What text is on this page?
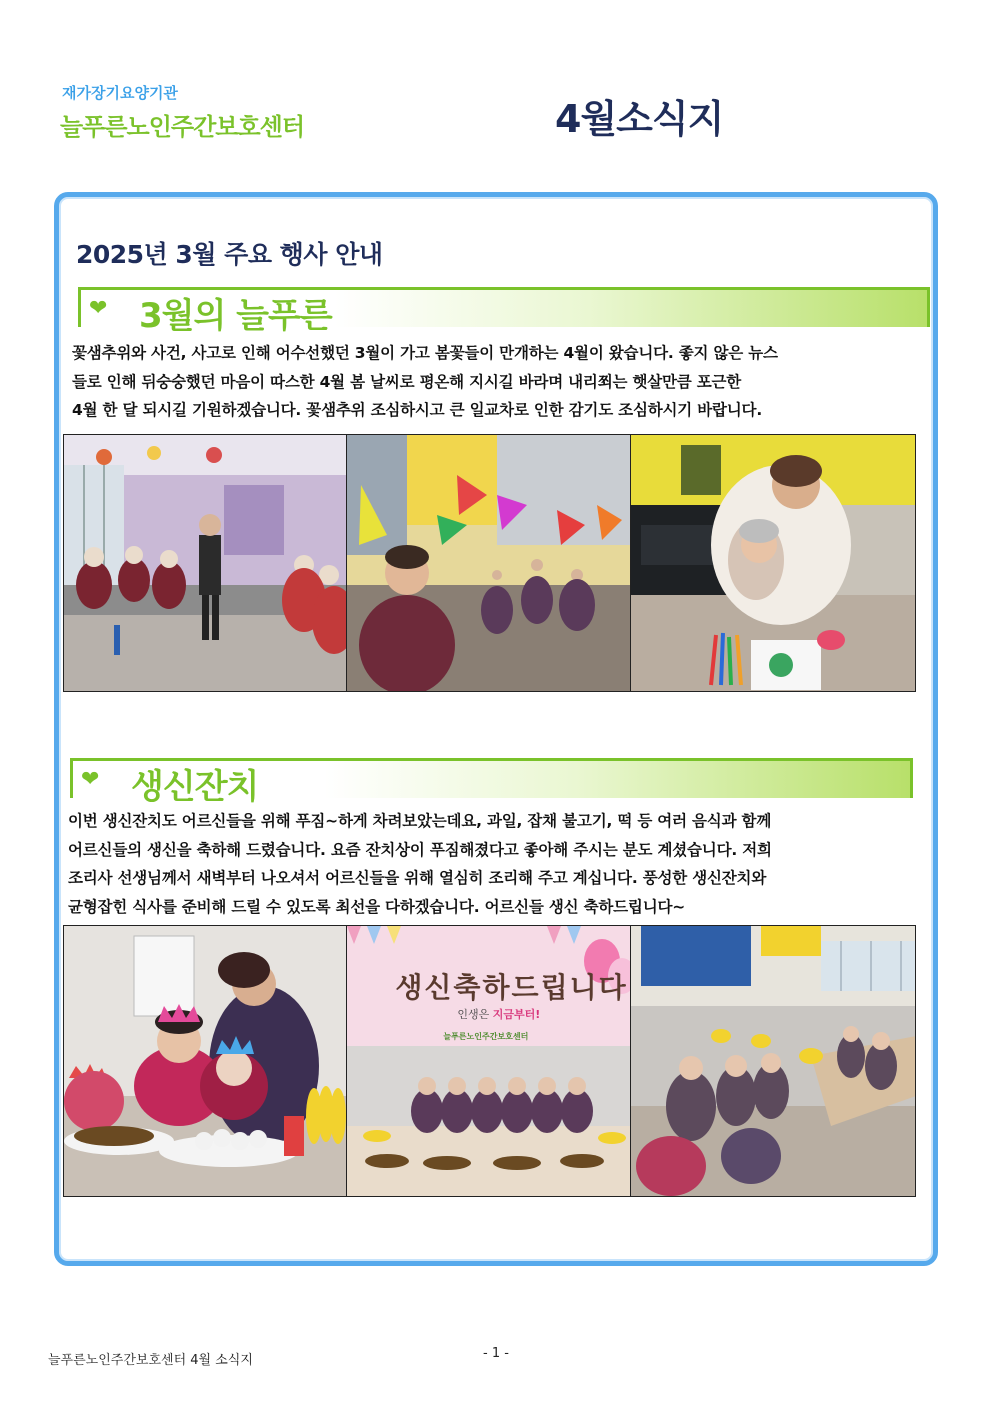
재가장기요양기관
늘푸른노인주간보호센터	4월소식지
2025년 3월 주요 행사 안내
❤ 3월의 늘푸른
꽃샘추위와 사건, 사고로 인해 어수선했던 3월이 가고 봄꽃들이 만개하는 4월이 왔습니다. 좋지 않은 뉴스
들로 인해 뒤숭숭했던 마음이 따스한 4월 봄 날씨로 평온해 지시길 바라며 내리쬐는 햇살만큼 포근한
4월 한 달 되시길 기원하겠습니다. 꽃샘추위 조심하시고 큰 일교차로 인한 감기도 조심하시기 바랍니다.
❤ 생신잔치
이번 생신잔치도 어르신들을 위해 푸짐~하게 차려보았는데요, 과일, 잡채 불고기, 떡 등 여러 음식과 함께
어르신들의 생신을 축하해 드렸습니다. 요즘 잔치상이 푸짐해졌다고 좋아해 주시는 분도 계셨습니다. 저희
조리사 선생님께서 새벽부터 나오셔서 어르신들을 위해 열심히 조리해 주고 계십니다. 풍성한 생신잔치와
균형잡힌 식사를 준비해 드릴 수 있도록 최선을 다하겠습니다. 어르신들 생신 축하드립니다~
생신축하드립니다
인생은 지금부터!
늘푸른노인주간보호센터
늘푸른노인주간보호센터 4월 소식지	- 1 -
